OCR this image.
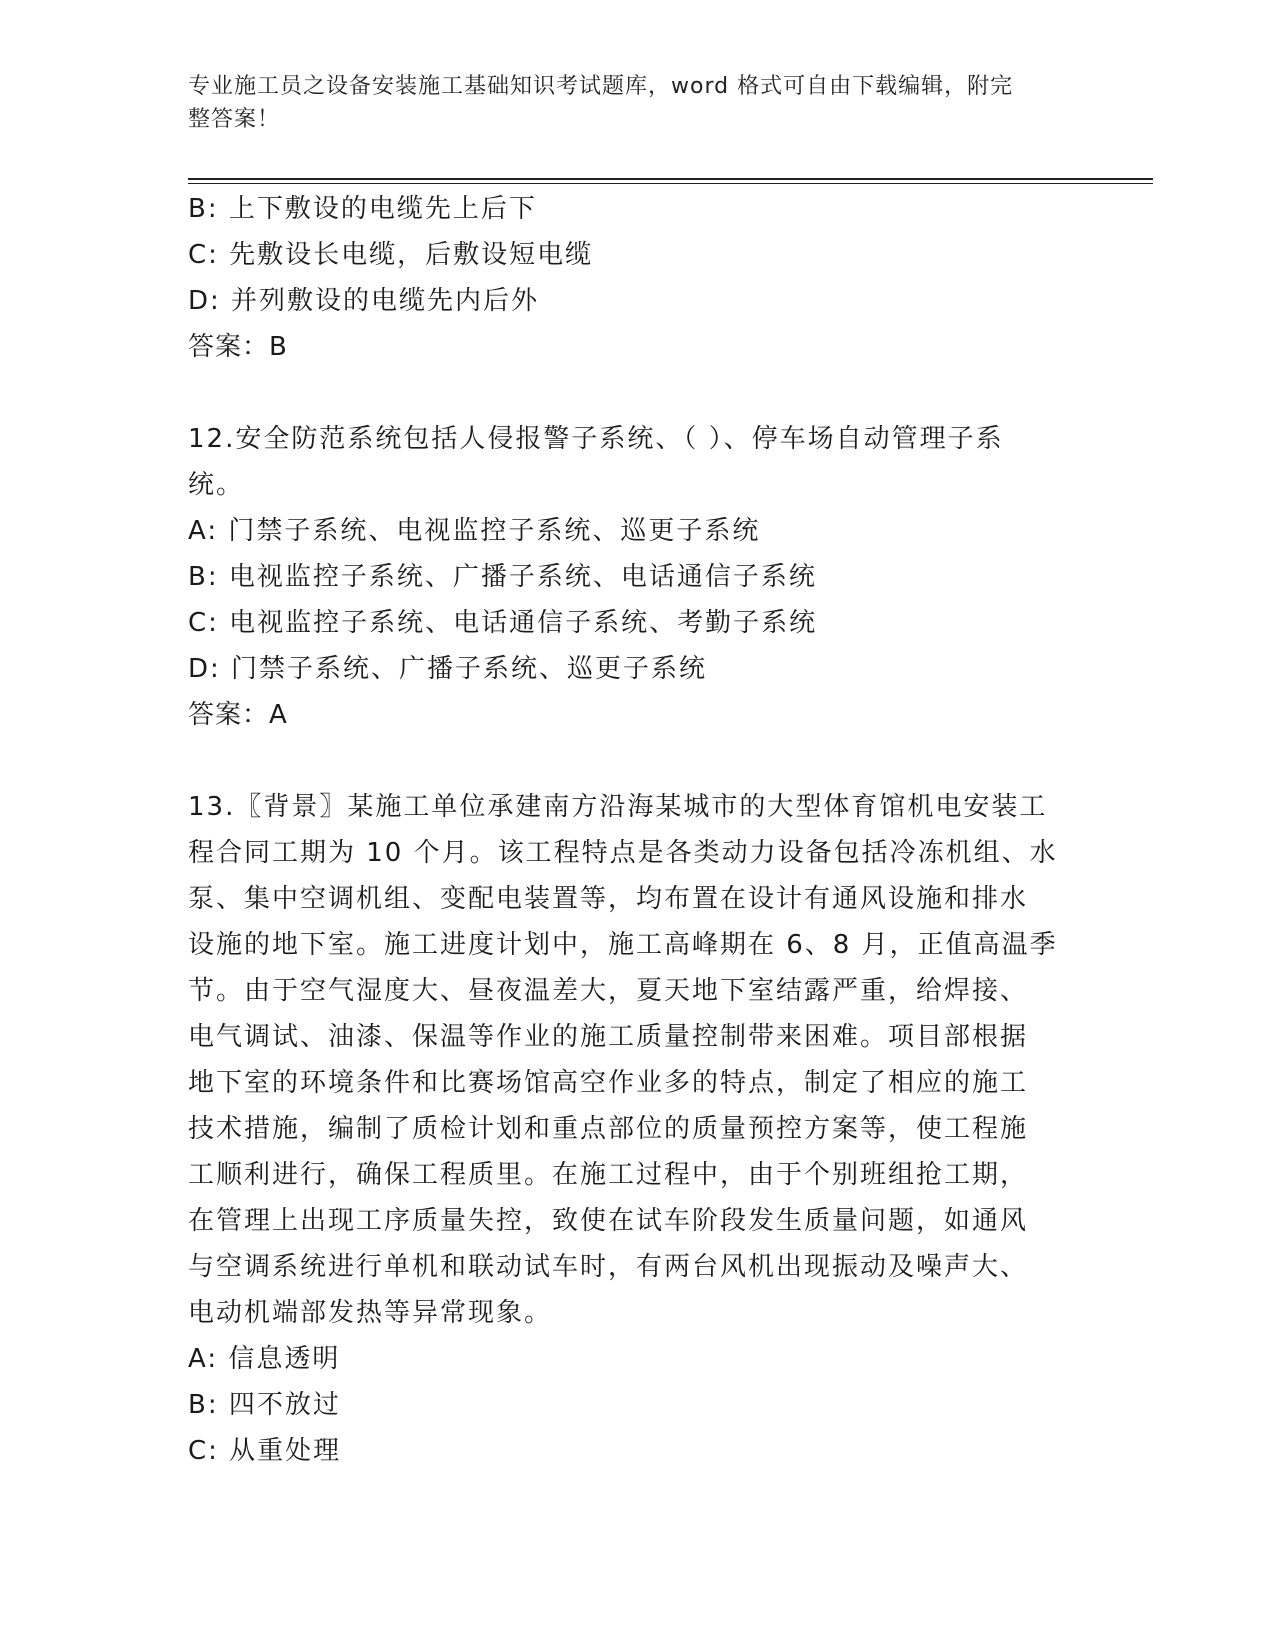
专业施工员之设备安装施工基础知识考试题库，word 格式可自由下载编辑，附完
整答案！
B: 上下敷设的电缆先上后下
C: 先敷设长电缆，后敷设短电缆
D: 并列敷设的电缆先内后外
答案：B
12.安全防范系统包括人侵报警子系统、（ ）、停车场自动管理子系
统。
A: 门禁子系统、电视监控子系统、巡更子系统
B: 电视监控子系统、广播子系统、电话通信子系统
C: 电视监控子系统、电话通信子系统、考勤子系统
D: 门禁子系统、广播子系统、巡更子系统
答案：A
13.〖背景〗某施工单位承建南方沿海某城市的大型体育馆机电安装工
程合同工期为 10 个月。该工程特点是各类动力设备包括冷冻机组、水
泵、集中空调机组、变配电装置等，均布置在设计有通风设施和排水
设施的地下室。施工进度计划中，施工高峰期在 6、8 月，正值高温季
节。由于空气湿度大、昼夜温差大，夏天地下室结露严重，给焊接、
电气调试、油漆、保温等作业的施工质量控制带来困难。项目部根据
地下室的环境条件和比赛场馆高空作业多的特点，制定了相应的施工
技术措施，编制了质检计划和重点部位的质量预控方案等，使工程施
工顺利进行，确保工程质里。在施工过程中，由于个别班组抢工期，
在管理上出现工序质量失控，致使在试车阶段发生质量问题，如通风
与空调系统进行单机和联动试车时，有两台风机出现振动及噪声大、
电动机端部发热等异常现象。
A: 信息透明
B: 四不放过
C: 从重处理
